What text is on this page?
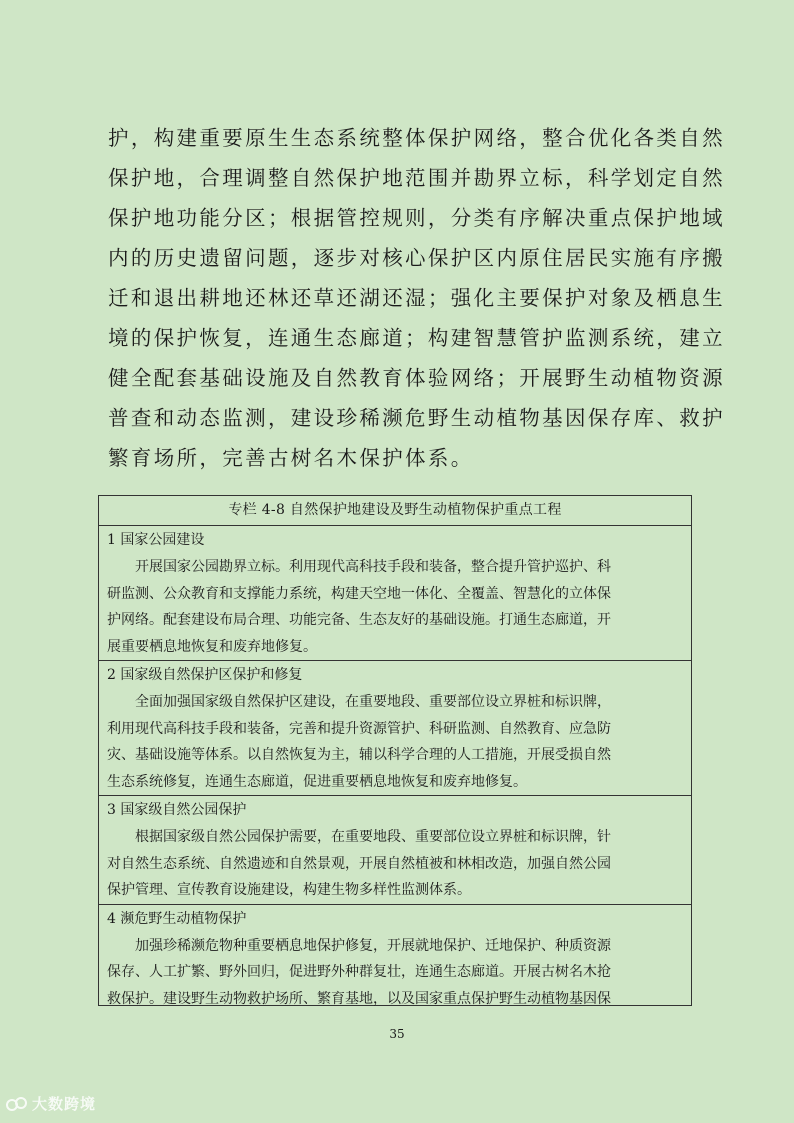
护，构建重要原生生态系统整体保护网络，整合优化各类自然
保护地，合理调整自然保护地范围并勘界立标，科学划定自然
保护地功能分区；根据管控规则，分类有序解决重点保护地域
内的历史遗留问题，逐步对核心保护区内原住居民实施有序搬
迁和退出耕地还林还草还湖还湿；强化主要保护对象及栖息生
境的保护恢复，连通生态廊道；构建智慧管护监测系统，建立
健全配套基础设施及自然教育体验网络；开展野生动植物资源
普查和动态监测，建设珍稀濒危野生动植物基因保存库、救护
繁育场所，完善古树名木保护体系。
专栏 4-8 自然保护地建设及野生动植物保护重点工程
1 国家公园建设
开展国家公园勘界立标。利用现代高科技手段和装备，整合提升管护巡护、科
研监测、公众教育和支撑能力系统，构建天空地一体化、全覆盖、智慧化的立体保
护网络。配套建设布局合理、功能完备、生态友好的基础设施。打通生态廊道，开
展重要栖息地恢复和废弃地修复。
2 国家级自然保护区保护和修复
全面加强国家级自然保护区建设，在重要地段、重要部位设立界桩和标识牌，
利用现代高科技手段和装备，完善和提升资源管护、科研监测、自然教育、应急防
灾、基础设施等体系。以自然恢复为主，辅以科学合理的人工措施，开展受损自然
生态系统修复，连通生态廊道，促进重要栖息地恢复和废弃地修复。
3 国家级自然公园保护
根据国家级自然公园保护需要，在重要地段、重要部位设立界桩和标识牌，针
对自然生态系统、自然遗迹和自然景观，开展自然植被和林相改造，加强自然公园
保护管理、宣传教育设施建设，构建生物多样性监测体系。
4 濒危野生动植物保护
加强珍稀濒危物种重要栖息地保护修复，开展就地保护、迁地保护、种质资源
保存、人工扩繁、野外回归，促进野外种群复壮，连通生态廊道。开展古树名木抢
救保护。建设野生动物救护场所、繁育基地，以及国家重点保护野生动植物基因保
35
大数跨境
